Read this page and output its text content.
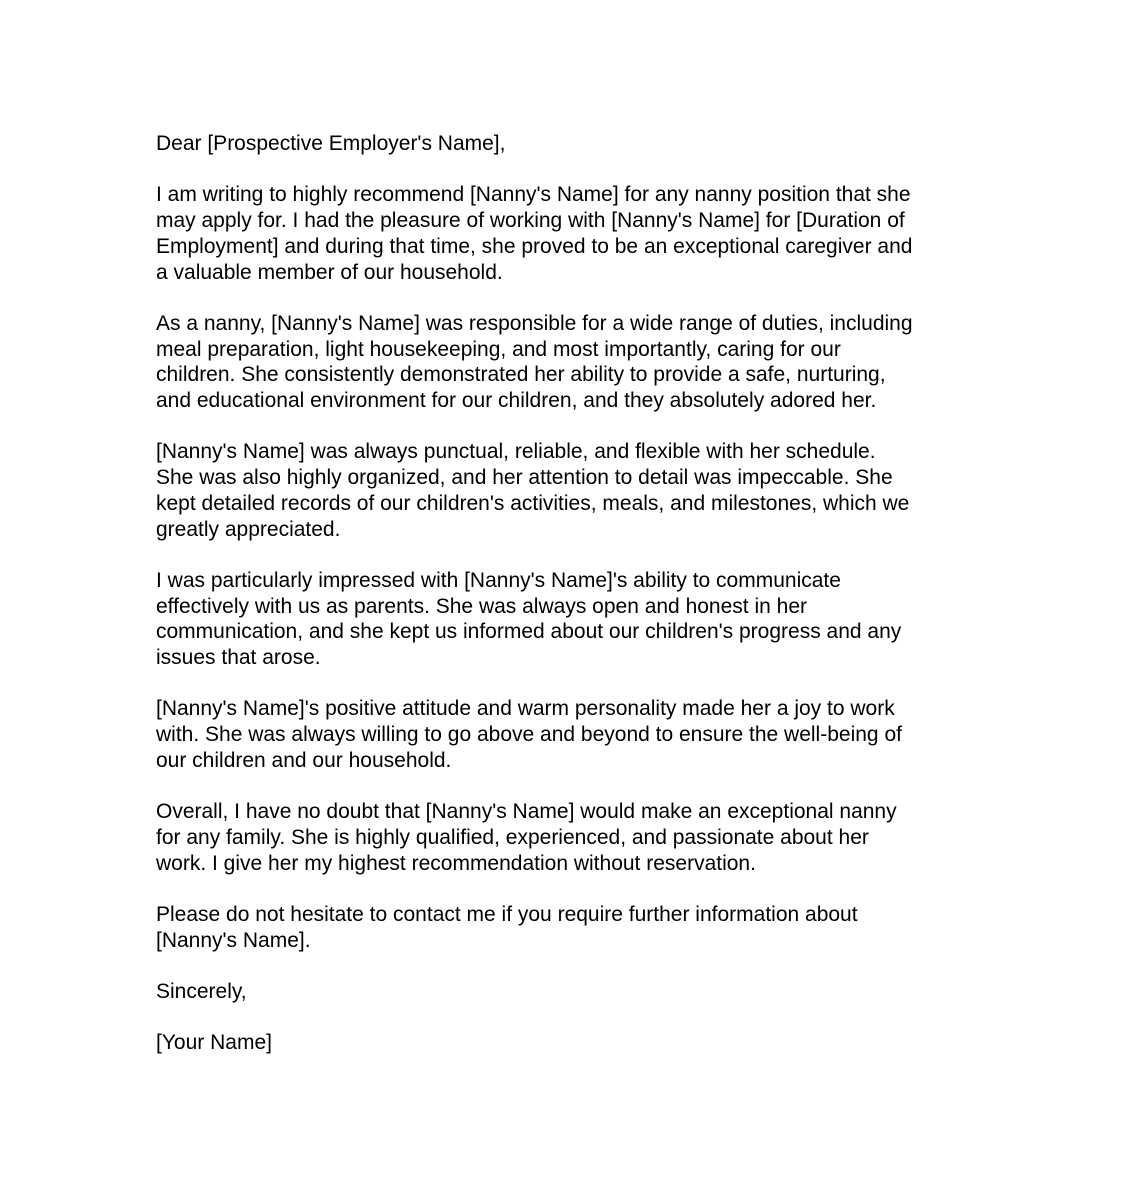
Dear [Prospective Employer's Name],

I am writing to highly recommend [Nanny's Name] for any nanny position that she
may apply for. I had the pleasure of working with [Nanny's Name] for [Duration of
Employment] and during that time, she proved to be an exceptional caregiver and
a valuable member of our household.

As a nanny, [Nanny's Name] was responsible for a wide range of duties, including
meal preparation, light housekeeping, and most importantly, caring for our
children. She consistently demonstrated her ability to provide a safe, nurturing,
and educational environment for our children, and they absolutely adored her.

[Nanny's Name] was always punctual, reliable, and flexible with her schedule.
She was also highly organized, and her attention to detail was impeccable. She
kept detailed records of our children's activities, meals, and milestones, which we
greatly appreciated.

I was particularly impressed with [Nanny's Name]'s ability to communicate
effectively with us as parents. She was always open and honest in her
communication, and she kept us informed about our children's progress and any
issues that arose.

[Nanny's Name]'s positive attitude and warm personality made her a joy to work
with. She was always willing to go above and beyond to ensure the well-being of
our children and our household.

Overall, I have no doubt that [Nanny's Name] would make an exceptional nanny
for any family. She is highly qualified, experienced, and passionate about her
work. I give her my highest recommendation without reservation.

Please do not hesitate to contact me if you require further information about
[Nanny's Name].

Sincerely,

[Your Name]
